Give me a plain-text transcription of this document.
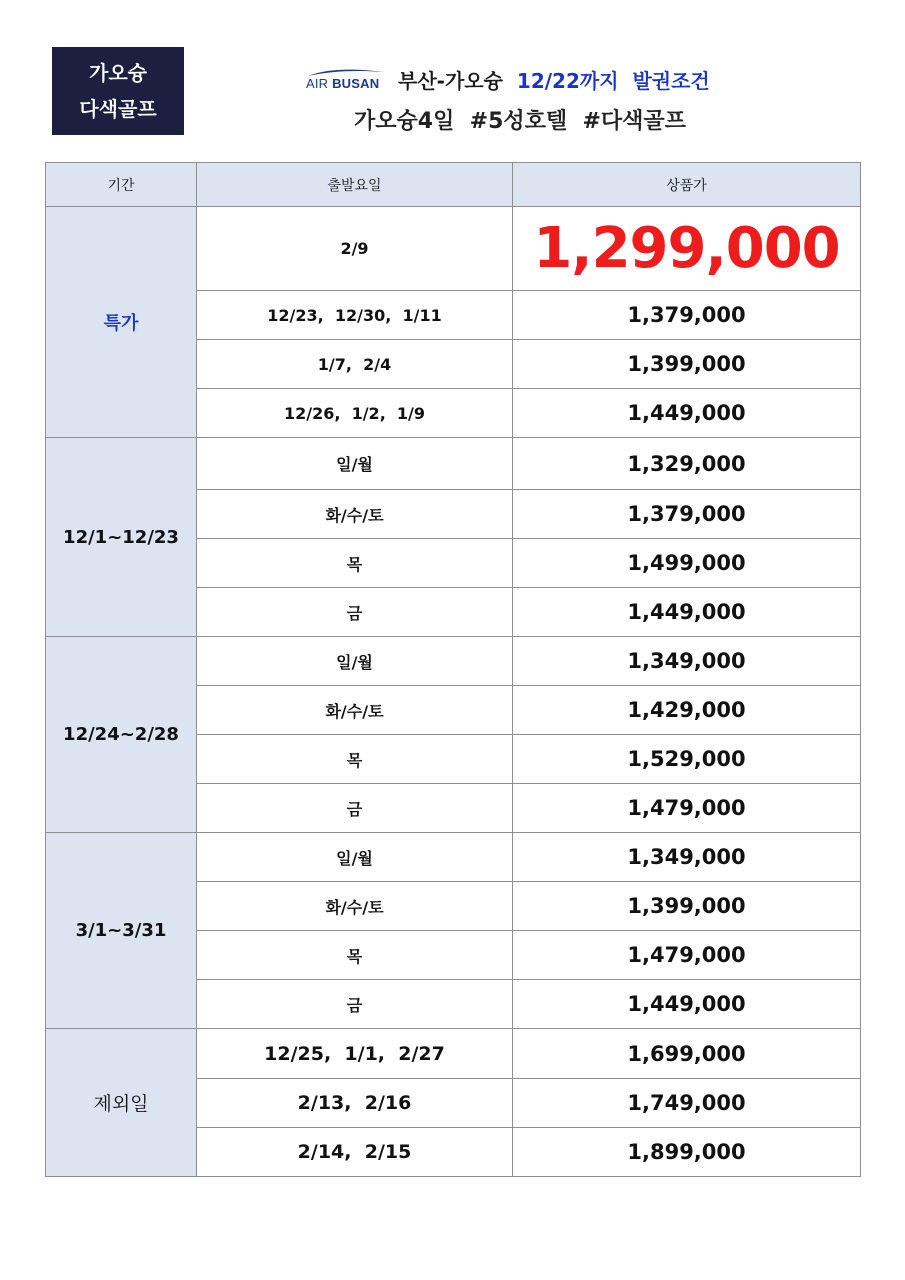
가오슝
다색골프
AIR BUSAN 부산-가오슝 12/22까지  발권조건
가오슝4일  #5성호텔  #다색골프
기간	출발요일	상품가
특가	2/9	1,299,000
	12/23,  12/30,  1/11	1,379,000
	1/7,  2/4	1,399,000
	12/26,  1/2,  1/9	1,449,000
12/1~12/23	일/월	1,329,000
	화/수/토	1,379,000
	목	1,499,000
	금	1,449,000
12/24~2/28	일/월	1,349,000
	화/수/토	1,429,000
	목	1,529,000
	금	1,479,000
3/1~3/31	일/월	1,349,000
	화/수/토	1,399,000
	목	1,479,000
	금	1,449,000
제외일	12/25,  1/1,  2/27	1,699,000
	2/13,  2/16	1,749,000
	2/14,  2/15	1,899,000
